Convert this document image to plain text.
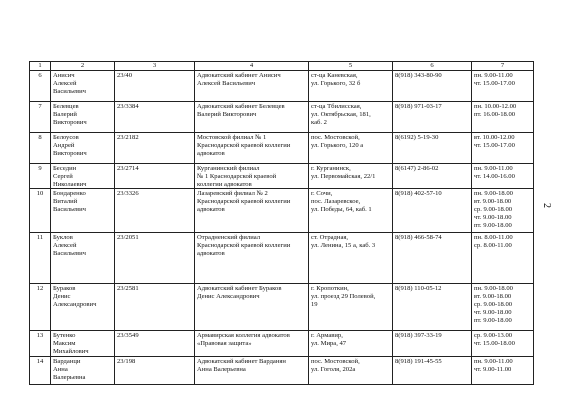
1	2	3	4	5	6	7
6	Анисич
Алексей
Васильевич	23/40	Адвокатский кабинет Анисич
Алексей Васильевич	ст-ца Каневская,
ул. Горького, 32 б	8(918) 343-80-90	пн. 9.00-11.00
чт. 15.00-17.00
7	Белевцев
Валерий
Викторович	23/3384	Адвокатский кабинет Белевцев
Валерий Викторович	ст-ца Тбилисская,
ул. Октябрьская, 181,
каб. 2	8(918) 971-03-17	пн. 10.00-12.00
пт. 16.00-18.00
8	Белоусов
Андрей
Викторович	23/2182	Мостовской филиал № 1
Краснодарской краевой коллегии
адвокатов	пос. Мостовской,
ул. Горького, 120 а	8(6192) 5-19-30	вт. 10.00-12.00
чт. 15.00-17.00
9	Беседин
Сергей
Николаевич	23/2714	Курганинский филиал
№ 1 Краснодарской краевой
коллегии адвокатов	г. Курганинск,
ул. Первомайская, 22/1	8(6147) 2-86-02	пн. 9.00-11.00
чт. 14.00-16.00
10	Бондаренко
Виталий
Васильевич	23/3326	Лазаревский филиал № 2
Краснодарской краевой коллегии
адвокатов	г. Сочи,
пос. Лазаревское,
ул. Победы, 64, каб. 1	8(918) 402-57-10	пн. 9.00-18.00
вт. 9.00-18.00
ср. 9.00-18.00
чт. 9.00-18.00
пт. 9.00-18.00
11	Буклов
Алексей
Васильевич	23/2051	Отрадненский филиал
Краснодарской краевой коллегии
адвокатов	ст. Отрадная,
ул. Ленина, 15 а, каб. 3	8(918) 466-58-74	пн. 8.00-11.00
ср. 8.00-11.00
12	Бураков
Денис
Александрович	23/2581	Адвокатский кабинет Бураков
Денис Александрович	г. Кропоткин,
ул. проезд 29 Полевой,
19	8(918) 110-05-12	пн. 9.00-18.00
вт. 9.00-18.00
ср. 9.00-18.00
чт. 9.00-18.00
пт. 9.00-18.00
13	Бутенко
Максим
Михайлович	23/3549	Армавирская коллегия адвокатов
«Правовая защита»	г. Армавир,
ул. Мира, 47	8(918) 397-33-19	ср. 9.00-13.00
чт. 15.00-18.00
14	Варданци
Анна
Валерьевна	23/198	Адвокатский кабинет Варданян
Анна Валерьевна	пос. Мостовской,
ул. Гоголя, 202а	8(918) 191-45-55	пн. 9.00-11.00
чт. 9.00-11.00
2
